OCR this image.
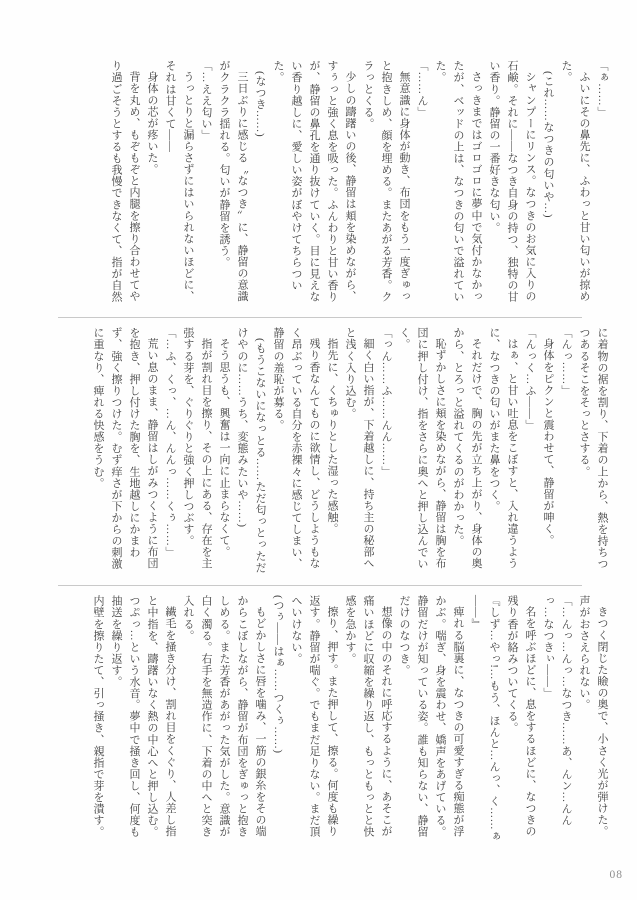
「ぁ……」

ふいにその鼻先に、ふわっと甘い匂いが掠めた。

(これ……なつきの匂いや…)

シャンプーにリンス。なつきのお気に入りの石鹸。それに――なつき自身の持つ、独特の甘い香り。静留の一番好きな匂い。

さっきまではゴロゴロに夢中で気付かなかったが、ベッドの上は、なつきの匂いで溢れていた。

「……ん」

無意識に身体が動き、布団をもう一度ぎゅっと抱きしめ、顔を埋める。またあがる芳香。クラっとくる。

少しの躊躇いの後、静留は頬を染めながら、すぅっと強く息を吸った。ふんわりと甘い香りが、静留の鼻孔を通り抜けていく。目に見えない香り越しに、愛しい姿がぼやけてちらついた。

(なつき……)

三日ぶりに感じる〝なつき〟に、静留の意識がクラクラ揺れる。匂いが静留を誘う。

「…ええ匂い」

うっとりと漏らさずにはいられないほどに、それは甘くて――

身体の芯が疼いた。

背を丸め、もぞもぞと内腿を擦り合わせてやり過ごそうとするも我慢できなくて、指が自然

に着物の裾を割り、下着の上から、熱を持ちつつあるそこをそっとさする。

「んっ……」

身体をピクンと震わせて、静留が呻く。

「んっく…ふ――」

はぁ、と甘い吐息をこぼすと、入れ違うように、なつきの匂いがまた鼻をつく。

それだけで、胸の先が立ち上がり、身体の奥から、とろっと溢れてくるのがわかった。

恥ずかしさに頬を染めながら、静留は胸を布団に押し付け、指をさらに奥へと押し込んでいく。

「っん……ふ……んん……」

細く白い指が、下着越しに、持ち主の秘部へと浅く入り込む。

指先に、くちゅりとした湿った感触。

残り香なんてものに欲情し、どうしようもなく昂ぶっている自分を赤裸々に感じてしまい、静留の羞恥が募る。

(もうこないになっとる……ただ匂っとっただけやのに……うち、変態みたいや……)

そう思うも、興奮は一向に止まらなくて。

指が割れ目を擦り、その上にある、存在を主張する芽を、ぐりぐりと強く押しつぶす。

「…ふ、くっ、…ん、んんっ……くぅ……」

荒い息のまま、静留はしがみつくように布団を抱き、押し付けた胸を、生地越しにかまわず、強く擦りつけた。むず痒さが下からの刺激に重なり、痺れる快感をうむ。

きつく閉じた瞼の奥で、小さく光が弾けた。

声がおさえられない。

「…んっ…んっ…なつき……あ、んン…んんっ…なつきぃ――」

名を呼ぶほどに、息をするほどに、なつきの残り香が絡みついてくる。

『しず…やっ!…もう、ほんと…んっ、く……ぁ――』

痺れる脳裏に、なつきの可愛すぎる痴態が浮かぶ。喘ぎ、身を震わせ、嬌声をあげている。静留だけが知っている姿。誰も知らない、静留だけのなつき。

想像の中のそれに呼応するように、あそこが痛いほどに収縮を繰り返し、もっともっとと快感を急かす。

擦り、押す。また押して、擦る。何度も繰り返す。静留が喘ぐ。でもまだ足りない。まだ頂へいけない。

(つぅ――はぁ……つくぅ……)

もどかしさに唇を噛み、一筋の銀糸をその端からこぼしながら、静留が布団をぎゅっと抱きしめる。また芳香があがった気がした。意識が白く濁る。右手を無造作に、下着の中へと突き入れる。

繊毛を掻き分け、割れ目をくぐり、人差し指と中指を、躊躇いなく熱の中心へと押し込む。

つぷっ…という水音。夢中で掻き回し、何度も抽送を繰り返す。

内壁を擦りたて、引っ掻き、親指で芽を潰す。

08
